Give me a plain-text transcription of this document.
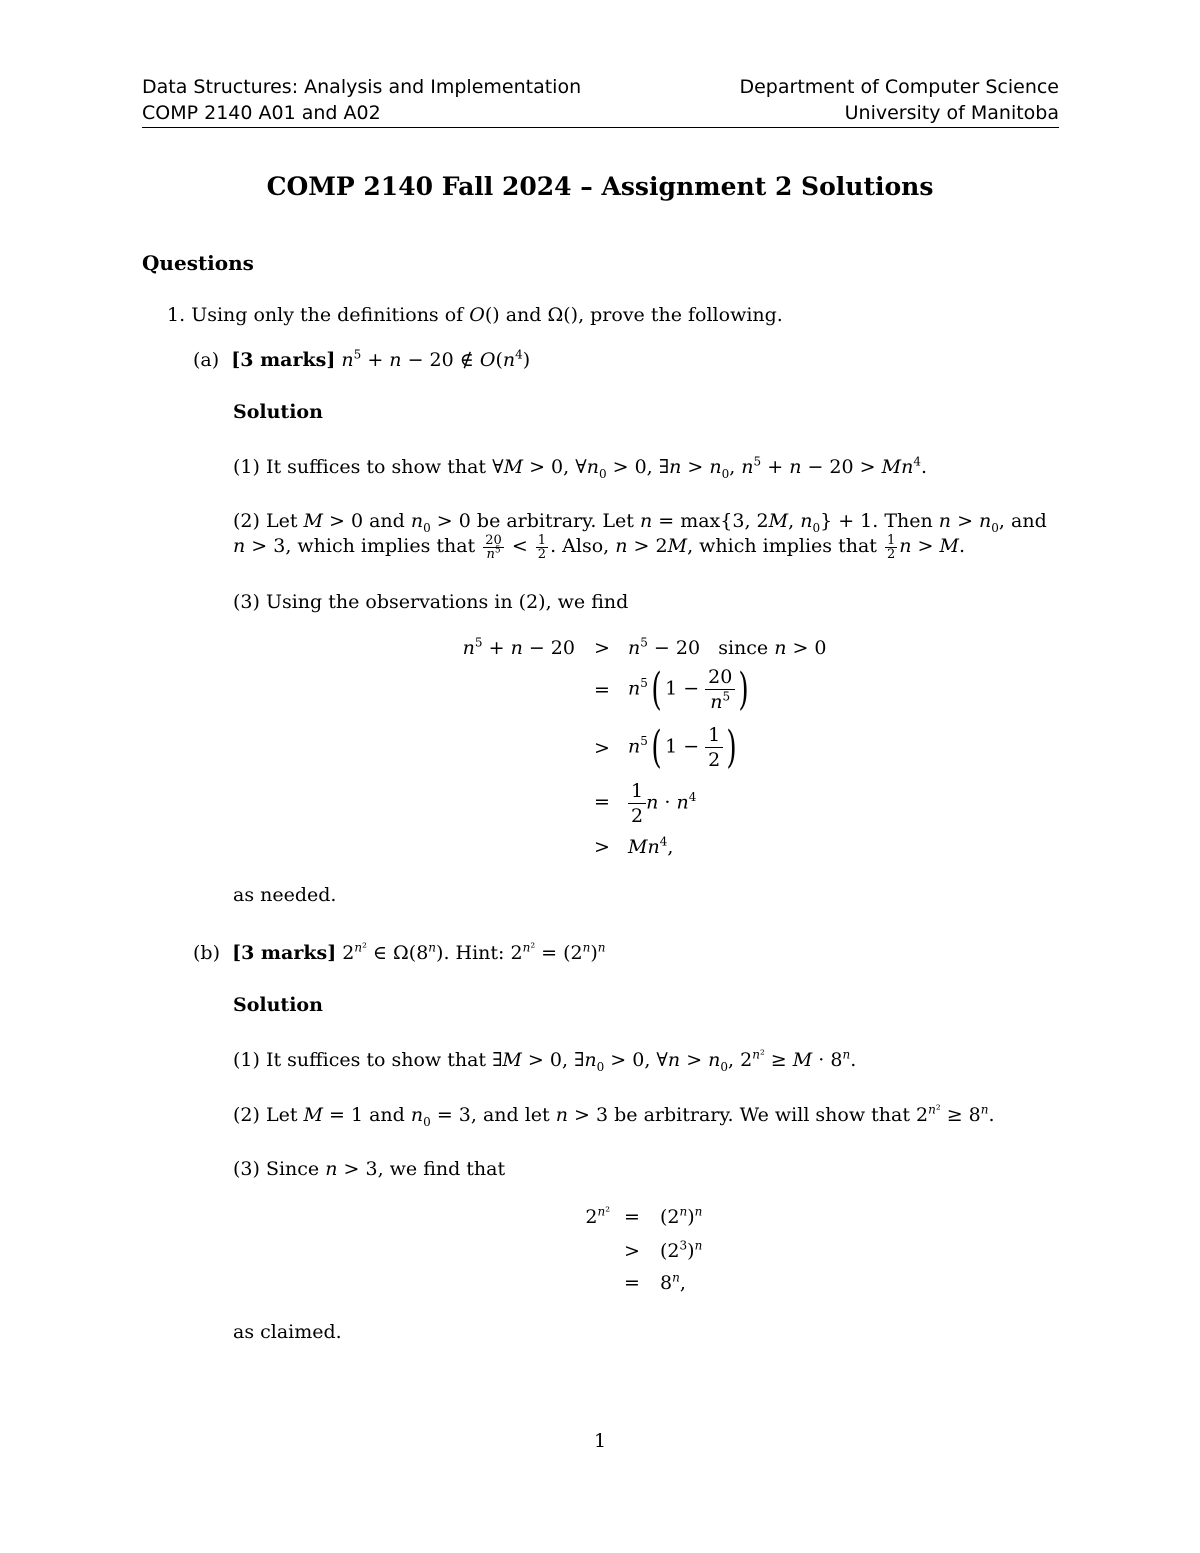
Data Structures: Analysis and Implementation
COMP 2140 A01 and A02
Department of Computer Science
University of Manitoba
COMP 2140 Fall 2024 – Assignment 2 Solutions
Questions
1. Using only the definitions of O() and Ω(), prove the following.
(a) [3 marks] $n^5 + n - 20$ ∉ $O(n^4)$
Solution
(1) It suffices to show that ∀M > 0, $\forall n_0 > 0$, ∃n > $n_0$, $n^5 + n - 20 > Mn^4$.
(2) Let M > 0 and $n_0 > 0$ be arbitrary. Let n = max{3, 2M, $n_0\} + 1$. Then $n > n_0$, and
n > 3, which implies that $\frac{20}{n^5} < \frac{1}{2}$ . Also, n > 2M, which implies that $\frac{1}{2}$ n > M.
(3) Using the observations in (2), we find
$n^5 + n - 20 > n^5 - 20$   since n > 0
= $n^5$( $1 - \frac{20}{n^5}$ )
> $n^5$( $1 - \frac{1}{2}$ )
= $\frac{1}{2}$ $n \cdot n^4$
> $Mn^4$,
as needed.
(b) [3 marks] $2^{n^2}$ ∈ Ω(8$^n$). Hint: $2^{n^2} = (2^n)^n$
Solution
(1) It suffices to show that ∃M > 0, $\exists n_0 > 0$, ∀n > $n_0$, $2^{n^2} \ge M \cdot 8^n$.
(2) Let M = 1 and $n_0 = 3$, and let n > 3 be arbitrary. We will show that $2^{n^2} \ge 8^n$.
(3) Since n > 3, we find that
$2^{n^2} = (2^n)^n$
> $(2^3)^n$
= $8^n$,
as claimed.
1
